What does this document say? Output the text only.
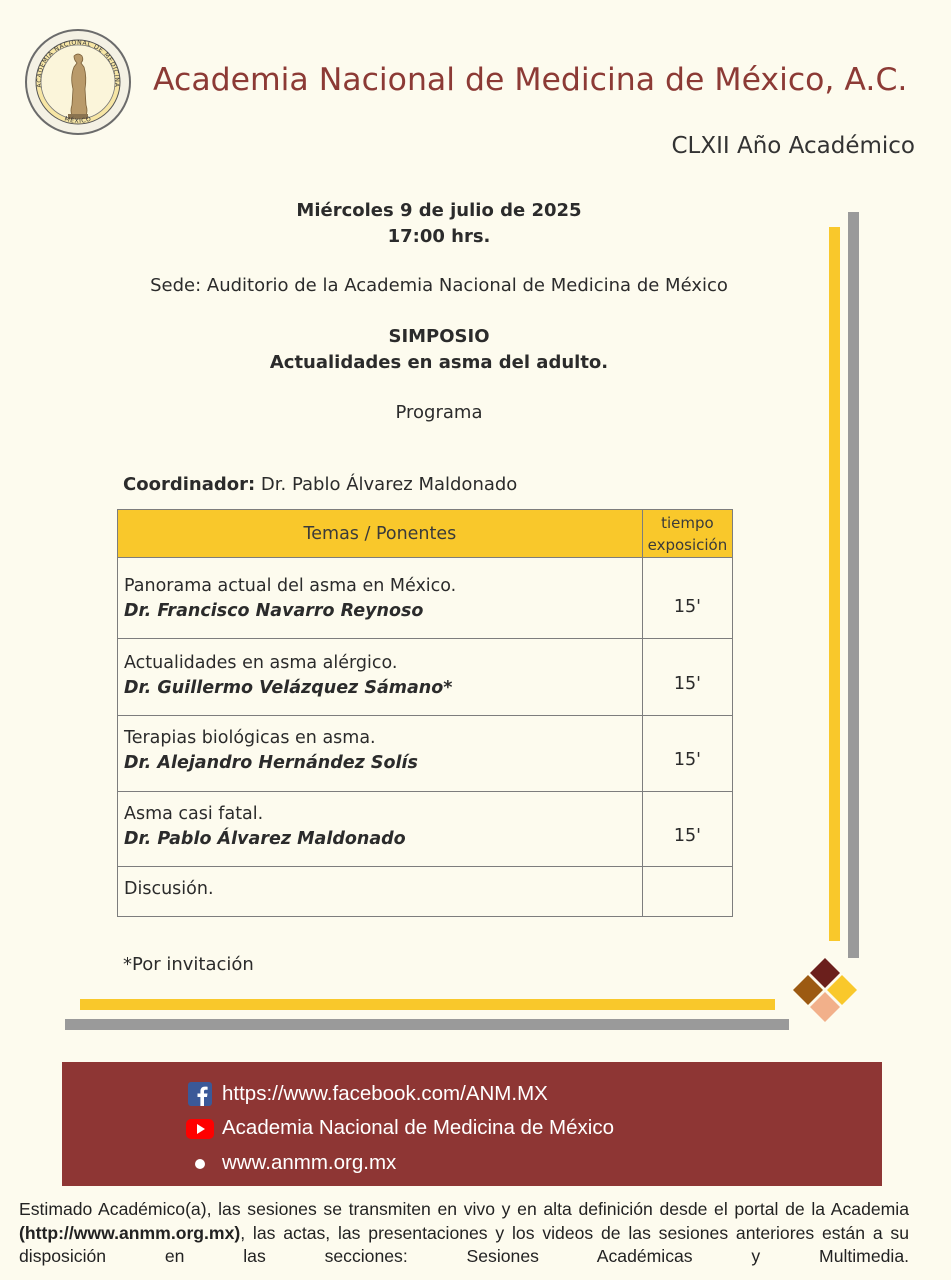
ACADEMIA NACIONAL DE MEDICINA
MÉXICO
Academia Nacional de Medicina de México, A.C.
CLXII Año Académico
Miércoles 9 de julio de 2025
17:00 hrs.
Sede: Auditorio de la Academia Nacional de Medicina de México
SIMPOSIO
Actualidades en asma del adulto.
Programa
Coordinador: Dr. Pablo Álvarez Maldonado
Temas / Ponentes	tiempo
exposición

Panorama actual del asma en México.
Dr. Francisco Navarro Reynoso	15'

Actualidades en asma alérgico.
Dr. Guillermo Velázquez Sámano*	15'

Terapias biológicas en asma.
Dr. Alejandro Hernández Solís	15'

Asma casi fatal.
Dr. Pablo Álvarez Maldonado	15'

Discusión.	

*Por invitación
https://www.facebook.com/ANM.MX
Academia Nacional de Medicina de México
www.anmm.org.mx
Estimado Académico(a), las sesiones se transmiten en vivo y en alta definición desde el portal de la Academia (http://www.anmm.org.mx), las actas, las presentaciones y los videos de las sesiones anteriores están a su disposición en las secciones: Sesiones Académicas y Multimedia.
